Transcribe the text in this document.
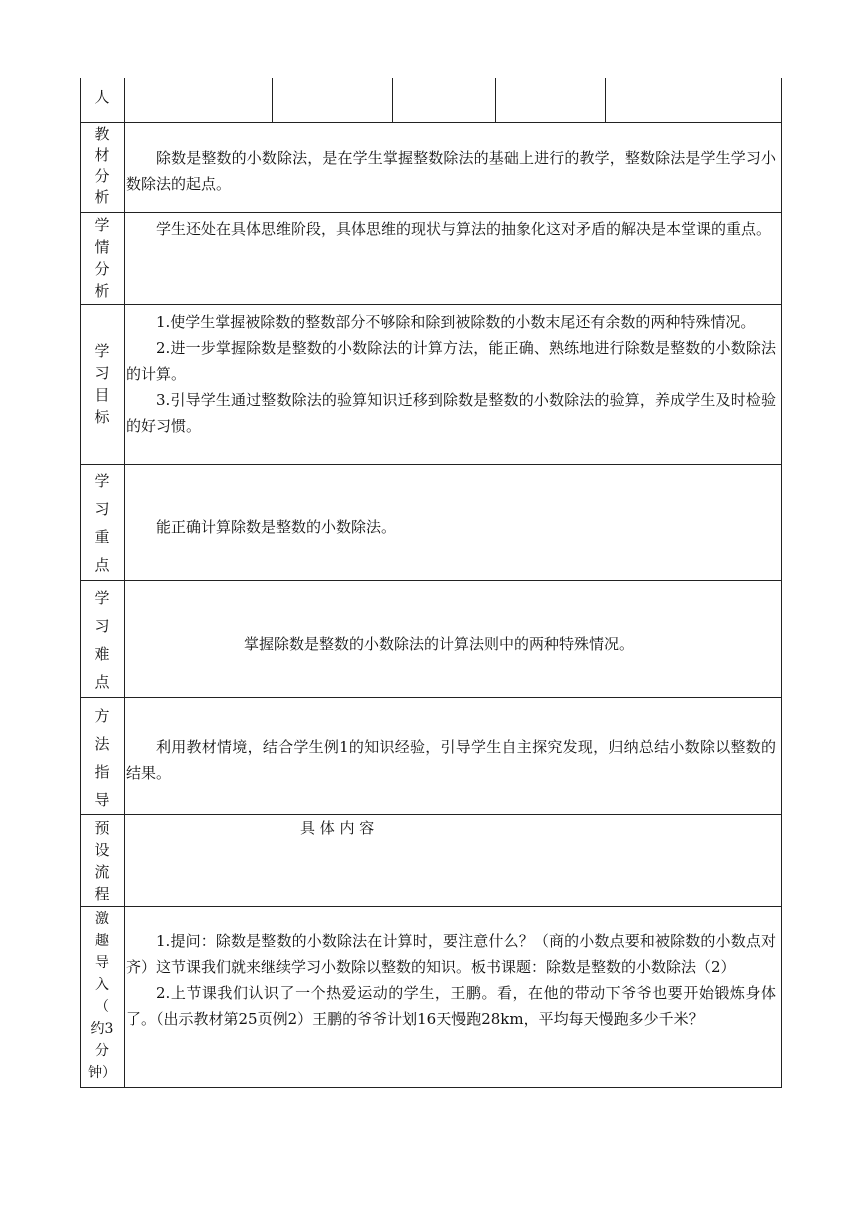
人
教
材
分
析

除数是整数的小数除法，是在学生掌握整数除法的基础上进行的教学，整数除法是学生学习小数除法的起点。

学
情
分
析

学生还处在具体思维阶段，具体思维的现状与算法的抽象化这对矛盾的解决是本堂课的重点。

学
习
目
标

1.使学生掌握被除数的整数部分不够除和除到被除数的小数末尾还有余数的两种特殊情况。

2.进一步掌握除数是整数的小数除法的计算方法，能正确、熟练地进行除数是整数的小数除法的计算。

3.引导学生通过整数除法的验算知识迁移到除数是整数的小数除法的验算，养成学生及时检验的好习惯。

学
习
重
点

能正确计算除数是整数的小数除法。

学
习
难
点
掌握除数是整数的小数除法的计算法则中的两种特殊情况。
方
法
指
导

利用教材情境，结合学生例1的知识经验，引导学生自主探究发现，归纳总结小数除以整数的结果。

预
设
流
程
具 体 内 容
激
趣
导
入
（
约3
分
钟）

1.提问：除数是整数的小数除法在计算时，要注意什么？（商的小数点要和被除数的小数点对齐）这节课我们就来继续学习小数除以整数的知识。板书课题：除数是整数的小数除法（2）

2.上节课我们认识了一个热爱运动的学生，王鹏。看，在他的带动下爷爷也要开始锻炼身体了。（出示教材第25页例2）王鹏的爷爷计划16天慢跑28km，平均每天慢跑多少千米？
